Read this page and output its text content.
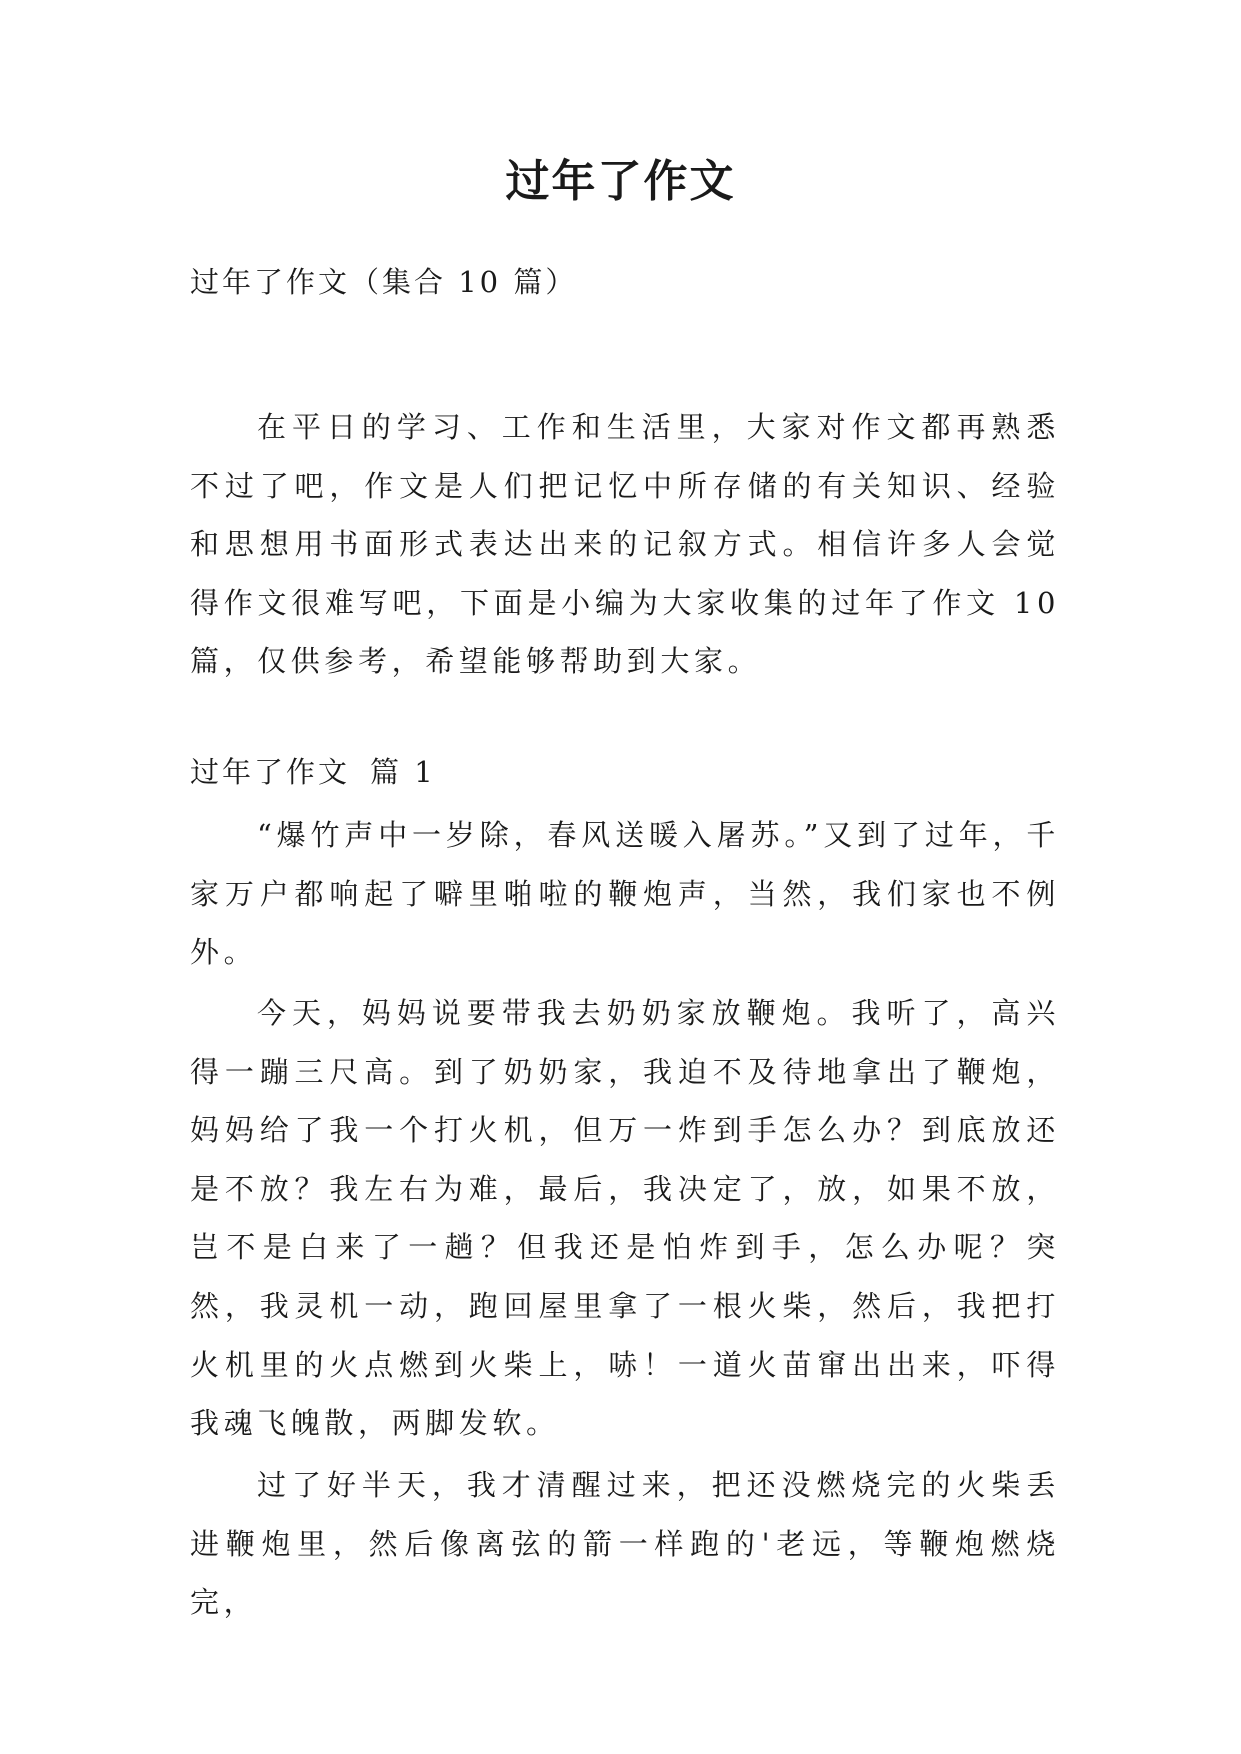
过年了作文
过年了作文（集合 10 篇）

在平日的学习、工作和生活里，大家对作文都再熟悉不过了吧，作文是人们把记忆中所存储的有关知识、经验和思想用书面形式表达出来的记叙方式。相信许多人会觉得作文很难写吧，下面是小编为大家收集的过年了作文 10 篇，仅供参考，希望能够帮助到大家。

过年了作文 篇 1

“爆竹声中一岁除，春风送暖入屠苏。”又到了过年，千家万户都响起了噼里啪啦的鞭炮声，当然，我们家也不例外。

今天，妈妈说要带我去奶奶家放鞭炮。我听了，高兴得一蹦三尺高。到了奶奶家，我迫不及待地拿出了鞭炮，妈妈给了我一个打火机，但万一炸到手怎么办？到底放还是不放？我左右为难，最后，我决定了，放，如果不放，岂不是白来了一趟？但我还是怕炸到手，怎么办呢？突然，我灵机一动，跑回屋里拿了一根火柴，然后，我把打火机里的火点燃到火柴上，哧！一道火苗窜出出来，吓得我魂飞魄散，两脚发软。

过了好半天，我才清醒过来，把还没燃烧完的火柴丢进鞭炮里，然后像离弦的箭一样跑的'老远，等鞭炮燃烧完，
